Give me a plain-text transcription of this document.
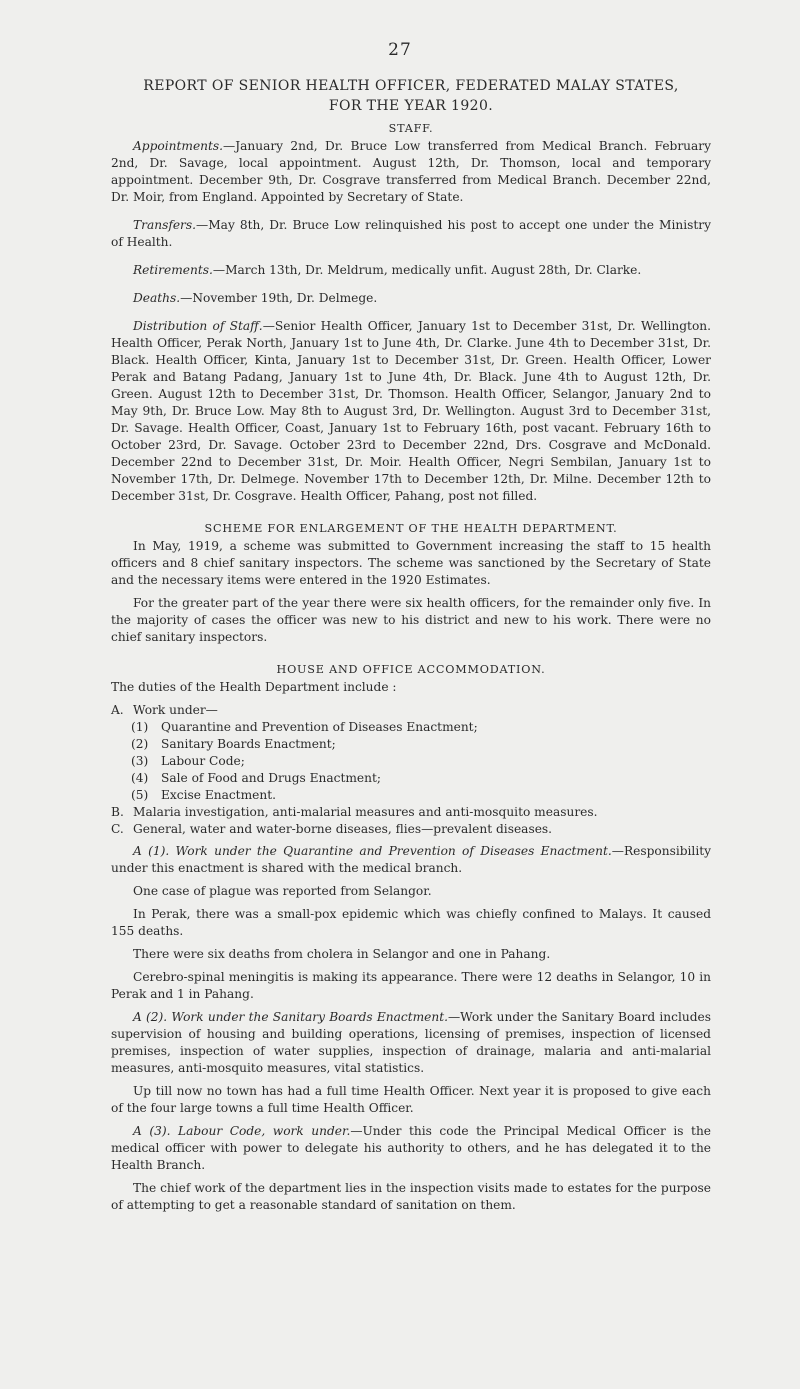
27
REPORT OF SENIOR HEALTH OFFICER, FEDERATED MALAY STATES,
FOR THE YEAR 1920.
STAFF.

Appointments.—January 2nd, Dr. Bruce Low transferred from Medical Branch. February 2nd, Dr. Savage, local appointment. August 12th, Dr. Thomson, local and temporary appointment. December 9th, Dr. Cosgrave transferred from Medical Branch. December 22nd, Dr. Moir, from England. Appointed by Secretary of State.

Transfers.—May 8th, Dr. Bruce Low relinquished his post to accept one under the Ministry of Health.

Retirements.—March 13th, Dr. Meldrum, medically unfit. August 28th, Dr. Clarke.

Deaths.—November 19th, Dr. Delmege.

Distribution of Staff.—Senior Health Officer, January 1st to December 31st, Dr. Wellington. Health Officer, Perak North, January 1st to June 4th, Dr. Clarke. June 4th to December 31st, Dr. Black. Health Officer, Kinta, January 1st to December 31st, Dr. Green. Health Officer, Lower Perak and Batang Padang, January 1st to June 4th, Dr. Black. June 4th to August 12th, Dr. Green. August 12th to December 31st, Dr. Thomson. Health Officer, Selangor, January 2nd to May 9th, Dr. Bruce Low. May 8th to August 3rd, Dr. Wellington. August 3rd to December 31st, Dr. Savage. Health Officer, Coast, January 1st to February 16th, post vacant. February 16th to October 23rd, Dr. Savage. October 23rd to December 22nd, Drs. Cosgrave and McDonald. December 22nd to December 31st, Dr. Moir. Health Officer, Negri Sembilan, January 1st to November 17th, Dr. Delmege. November 17th to December 12th, Dr. Milne. December 12th to December 31st, Dr. Cosgrave. Health Officer, Pahang, post not filled.

SCHEME FOR ENLARGEMENT OF THE HEALTH DEPARTMENT.

In May, 1919, a scheme was submitted to Government increasing the staff to 15 health officers and 8 chief sanitary inspectors. The scheme was sanctioned by the Secretary of State and the necessary items were entered in the 1920 Estimates.

For the greater part of the year there were six health officers, for the remainder only five. In the majority of cases the officer was new to his district and new to his work. There were no chief sanitary inspectors.

HOUSE AND OFFICE ACCOMMODATION.

The duties of the Health Department include :

A. Work under—
(1) Quarantine and Prevention of Diseases Enactment;
(2) Sanitary Boards Enactment;
(3) Labour Code;
(4) Sale of Food and Drugs Enactment;
(5) Excise Enactment.
B. Malaria investigation, anti-malarial measures and anti-mosquito measures.
C. General, water and water-borne diseases, flies—prevalent diseases.

A (1). Work under the Quarantine and Prevention of Diseases Enactment.—Responsibility under this enactment is shared with the medical branch.

One case of plague was reported from Selangor.

In Perak, there was a small-pox epidemic which was chiefly confined to Malays. It caused 155 deaths.

There were six deaths from cholera in Selangor and one in Pahang.

Cerebro-spinal meningitis is making its appearance. There were 12 deaths in Selangor, 10 in Perak and 1 in Pahang.

A (2). Work under the Sanitary Boards Enactment.—Work under the Sanitary Board includes supervision of housing and building operations, licensing of premises, inspection of licensed premises, inspection of water supplies, inspection of drainage, malaria and anti-malarial measures, anti-mosquito measures, vital statistics.

Up till now no town has had a full time Health Officer. Next year it is proposed to give each of the four large towns a full time Health Officer.

A (3). Labour Code, work under.—Under this code the Principal Medical Officer is the medical officer with power to delegate his authority to others, and he has delegated it to the Health Branch.

The chief work of the department lies in the inspection visits made to estates for the purpose of attempting to get a reasonable standard of sanitation on them.
